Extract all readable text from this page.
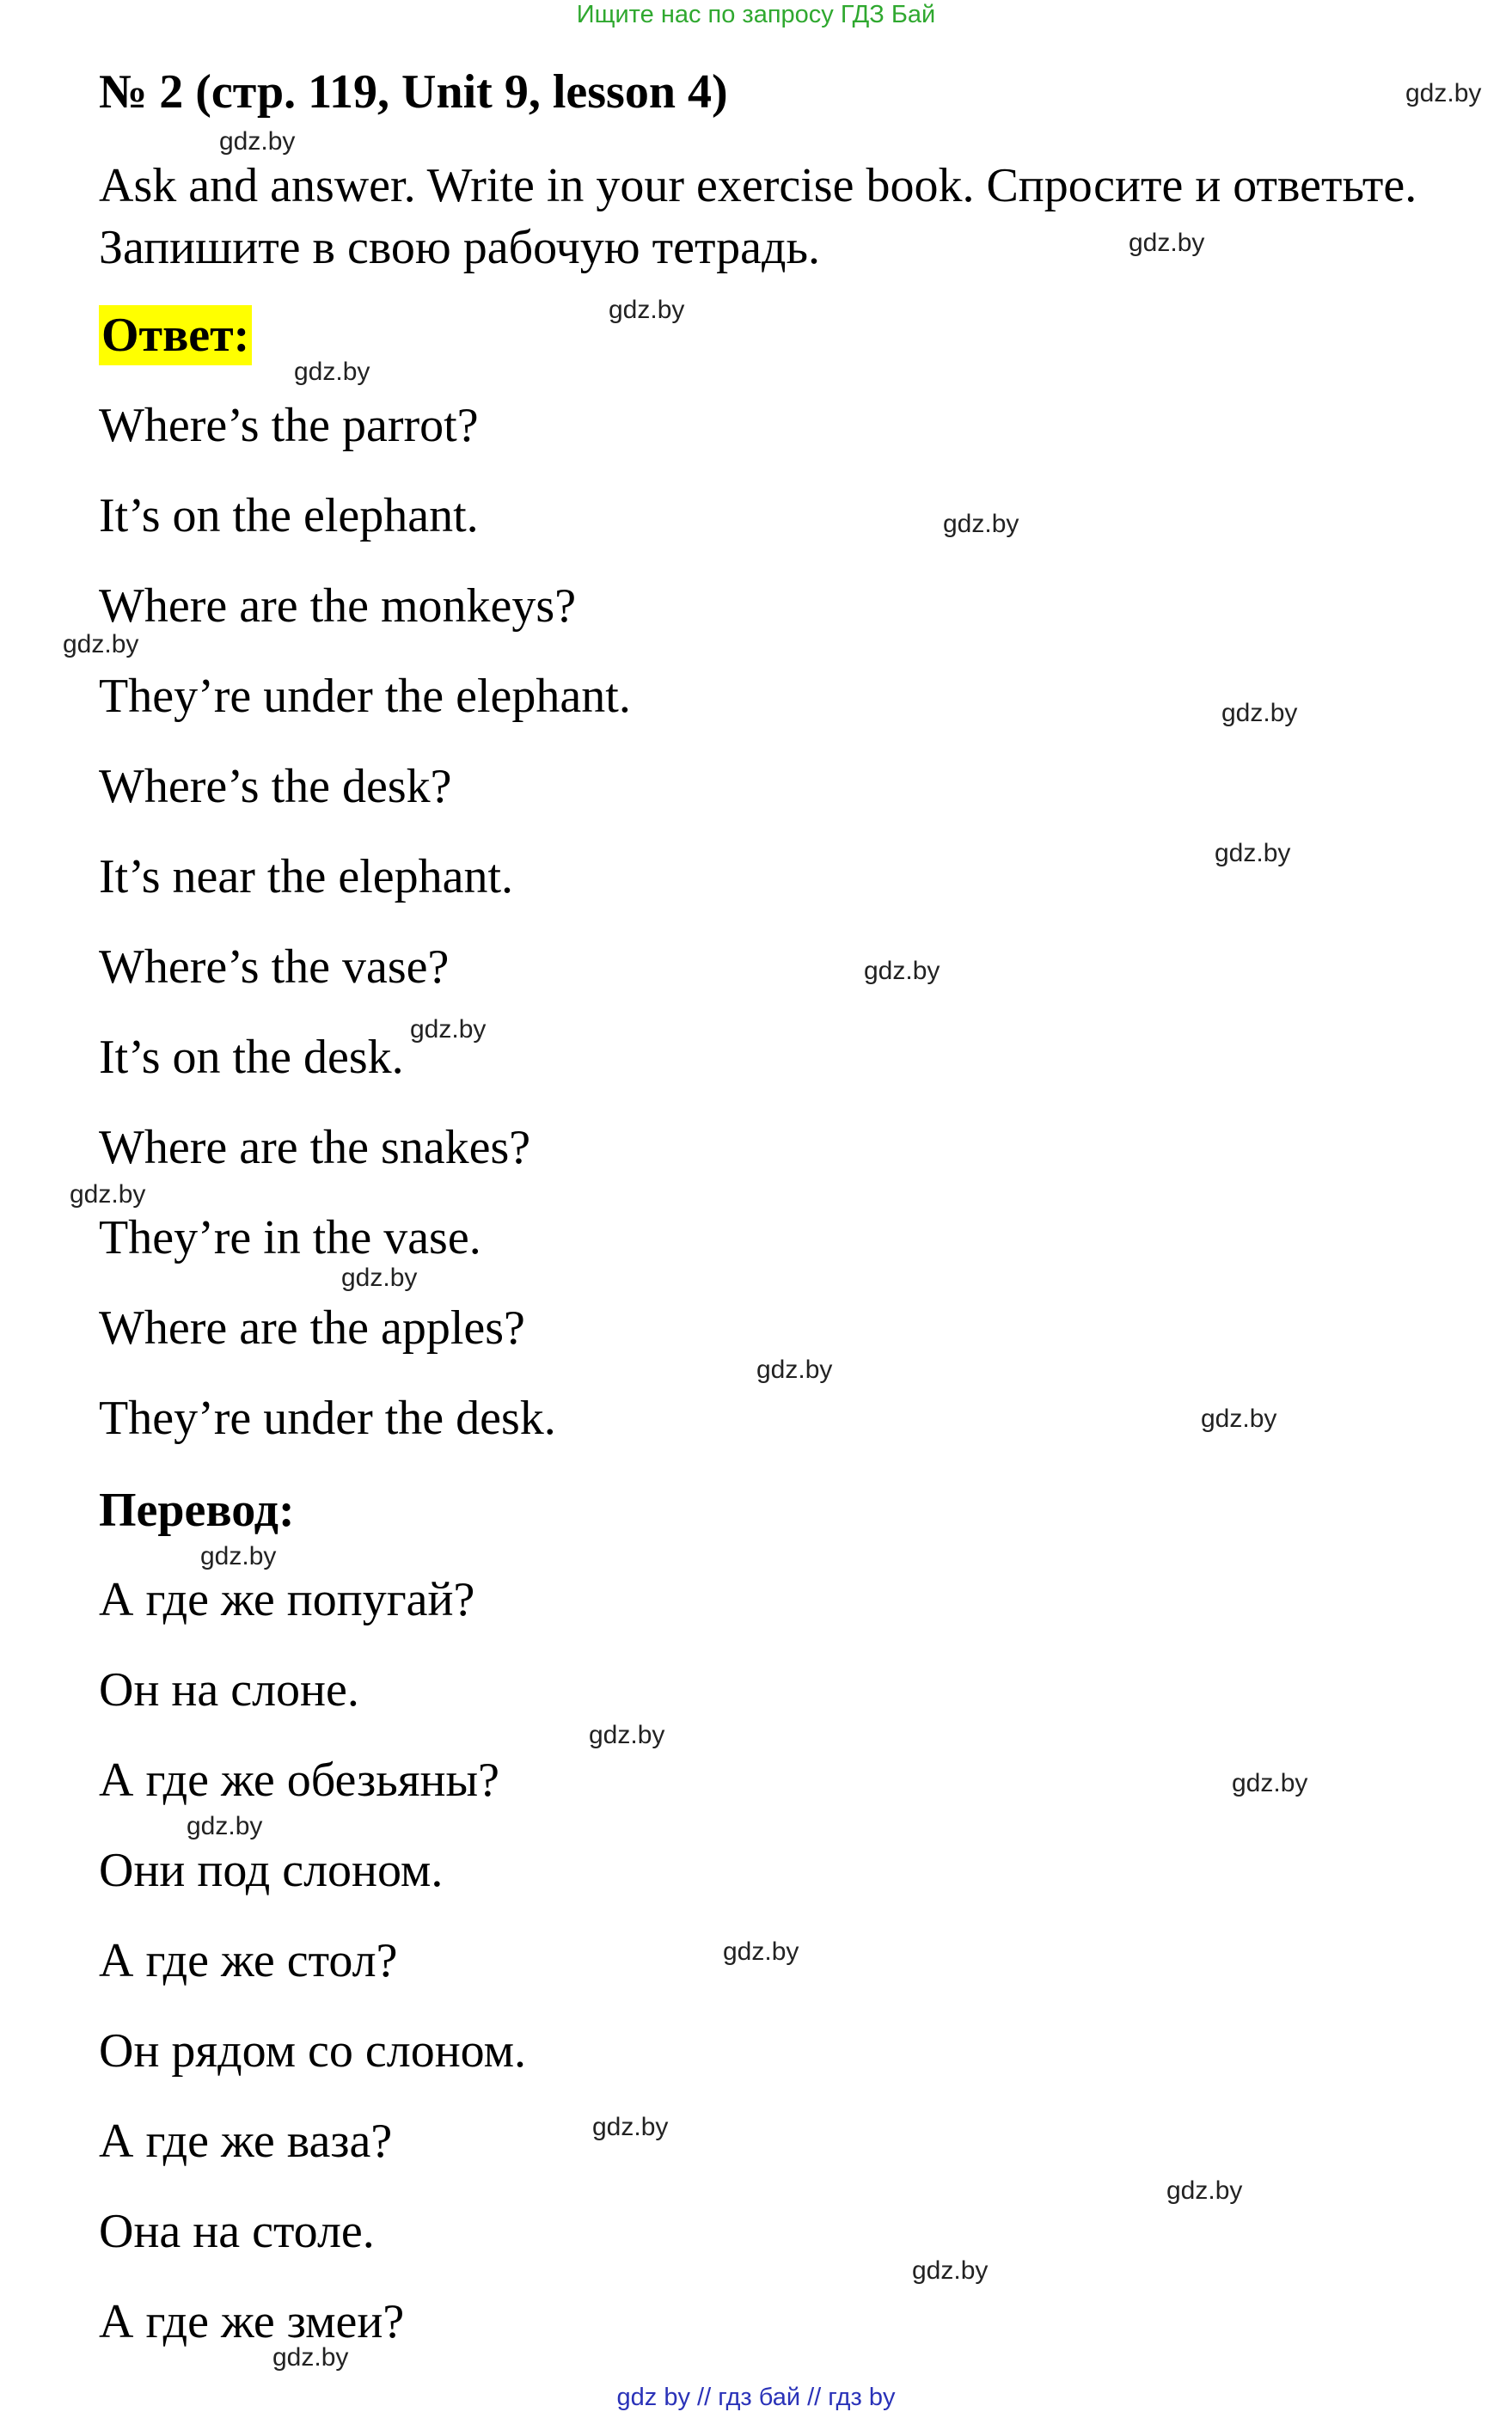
Ищите нас по запросу ГДЗ Бай
№ 2 (стр. 119, Unit 9, lesson 4)
Ask and answer. Write in your exercise book. Спросите и ответьте. Запишите в свою рабочую тетрадь.
Ответ:
Where’s the parrot?
It’s on the elephant.
Where are the monkeys?
They’re under the elephant.
Where’s the desk?
It’s near the elephant.
Where’s the vase?
It’s on the desk.
Where are the snakes?
They’re in the vase.
Where are the apples?
They’re under the desk.
Перевод:
А где же попугай?
Он на слоне.
А где же обезьяны?
Они под слоном.
А где же стол?
Он рядом со слоном.
А где же ваза?
Она на столе.
А где же змеи?
gdz.by
gdz.by
gdz.by
gdz.by
gdz.by
gdz.by
gdz.by
gdz.by
gdz.by
gdz.by
gdz.by
gdz.by
gdz.by
gdz.by
gdz.by
gdz.by
gdz.by
gdz.by
gdz.by
gdz.by
gdz.by
gdz.by
gdz.by
gdz.by
gdz by // гдз бай // гдз by
